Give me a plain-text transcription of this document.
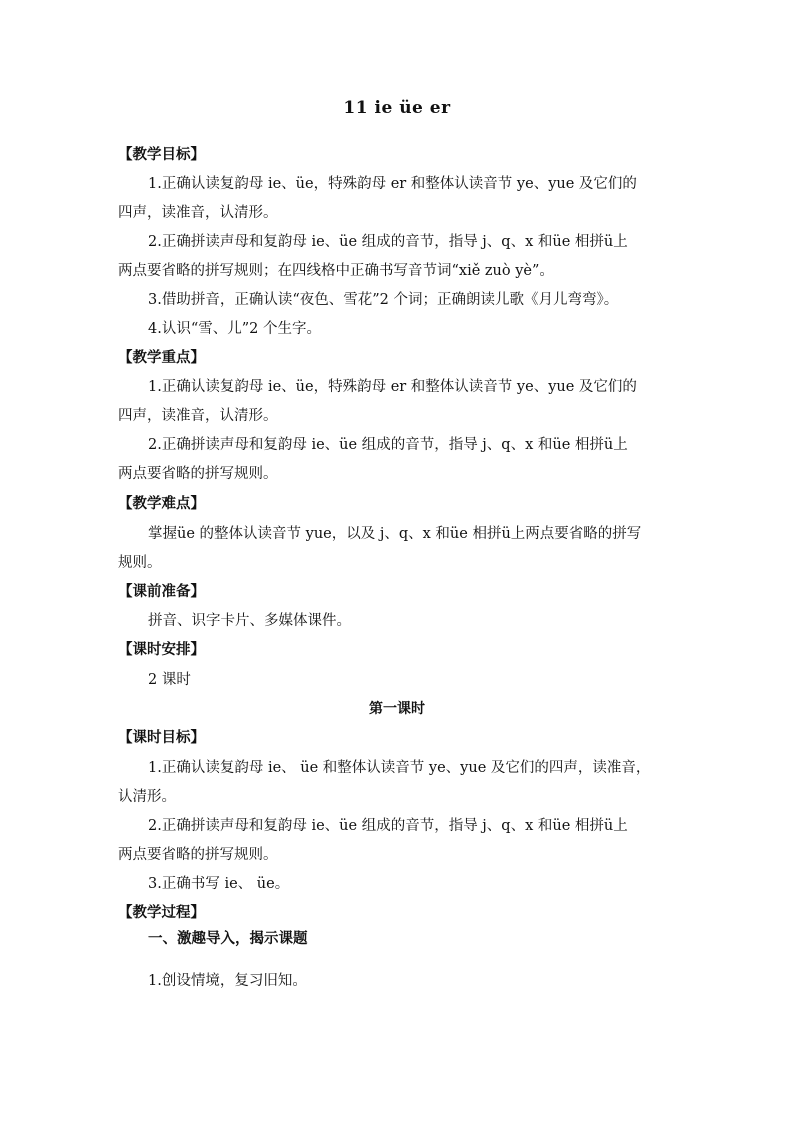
11 ie üe er
【教学目标】
1.正确认读复韵母 ie、üe，特殊韵母 er 和整体认读音节 ye、yue 及它们的
四声，读准音，认清形。
2.正确拼读声母和复韵母 ie、üe 组成的音节，指导 j、q、x 和üe 相拼ü上
两点要省略的拼写规则；在四线格中正确书写音节词“xiě zuò yè”。
3.借助拼音，正确认读“夜色、雪花”2 个词；正确朗读儿歌《月儿弯弯》。
4.认识“雪、儿”2 个生字。
【教学重点】
1.正确认读复韵母 ie、üe，特殊韵母 er 和整体认读音节 ye、yue 及它们的
四声，读准音，认清形。
2.正确拼读声母和复韵母 ie、üe 组成的音节，指导 j、q、x 和üe 相拼ü上
两点要省略的拼写规则。
【教学难点】
掌握üe 的整体认读音节 yue，以及 j、q、x 和üe 相拼ü上两点要省略的拼写
规则。
【课前准备】
拼音、识字卡片、多媒体课件。
【课时安排】
2 课时
第一课时
【课时目标】
1.正确认读复韵母 ie、 üe 和整体认读音节 ye、yue 及它们的四声，读准音，
认清形。
2.正确拼读声母和复韵母 ie、üe 组成的音节，指导 j、q、x 和üe 相拼ü上
两点要省略的拼写规则。
3.正确书写 ie、 üe。
【教学过程】
一、激趣导入，揭示课题
1.创设情境，复习旧知。
